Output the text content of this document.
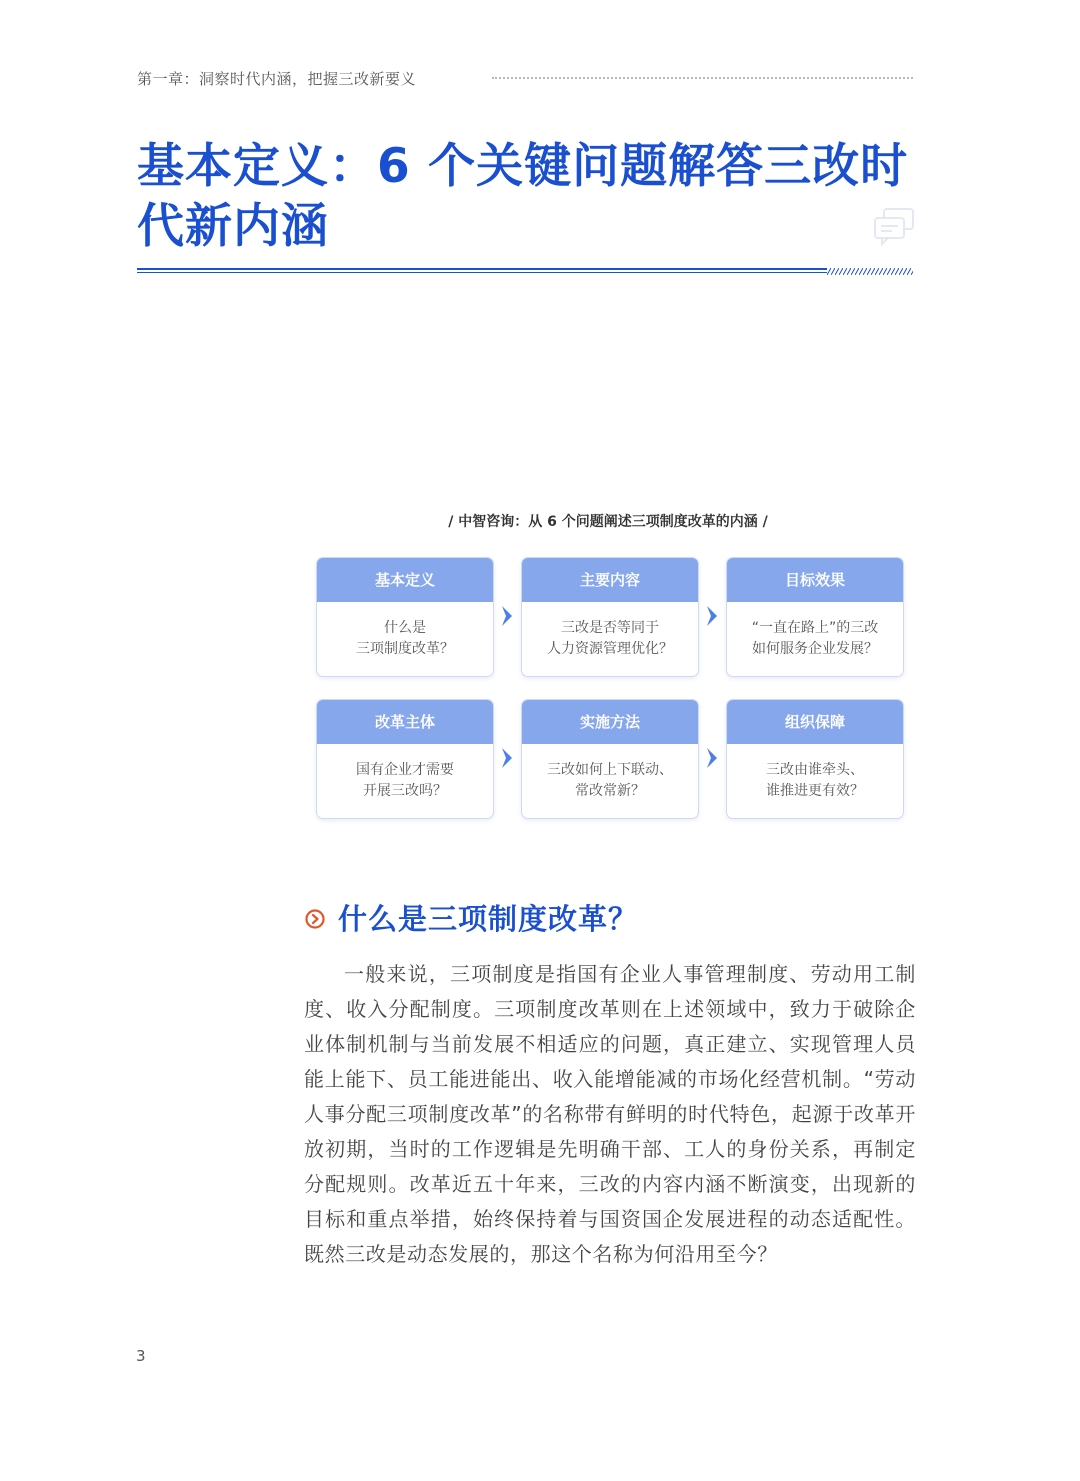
第一章：洞察时代内涵，把握三改新要义
基本定义：6 个关键问题解答三改时
代新内涵
/ 中智咨询：从 6 个问题阐述三项制度改革的内涵 /
基本定义
什么是
三项制度改革？
主要内容
三改是否等同于
人力资源管理优化？
目标效果
“一直在路上”的三改
如何服务企业发展？
改革主体
国有企业才需要
开展三改吗？
实施方法
三改如何上下联动、
常改常新？
组织保障
三改由谁牵头、
谁推进更有效？
什么是三项制度改革？

一般来说，三项制度是指国有企业人事管理制度、劳动用工制度、收入分配制度。三项制度改革则在上述领域中，致力于破除企业体制机制与当前发展不相适应的问题，真正建立、实现管理人员能上能下、员工能进能出、收入能增能减的市场化经营机制。“劳动人事分配三项制度改革”的名称带有鲜明的时代特色，起源于改革开放初期，当时的工作逻辑是先明确干部、工人的身份关系，再制定分配规则。改革近五十年来，三改的内容内涵不断演变，出现新的目标和重点举措，始终保持着与国资国企发展进程的动态适配性。既然三改是动态发展的，那这个名称为何沿用至今？

3
